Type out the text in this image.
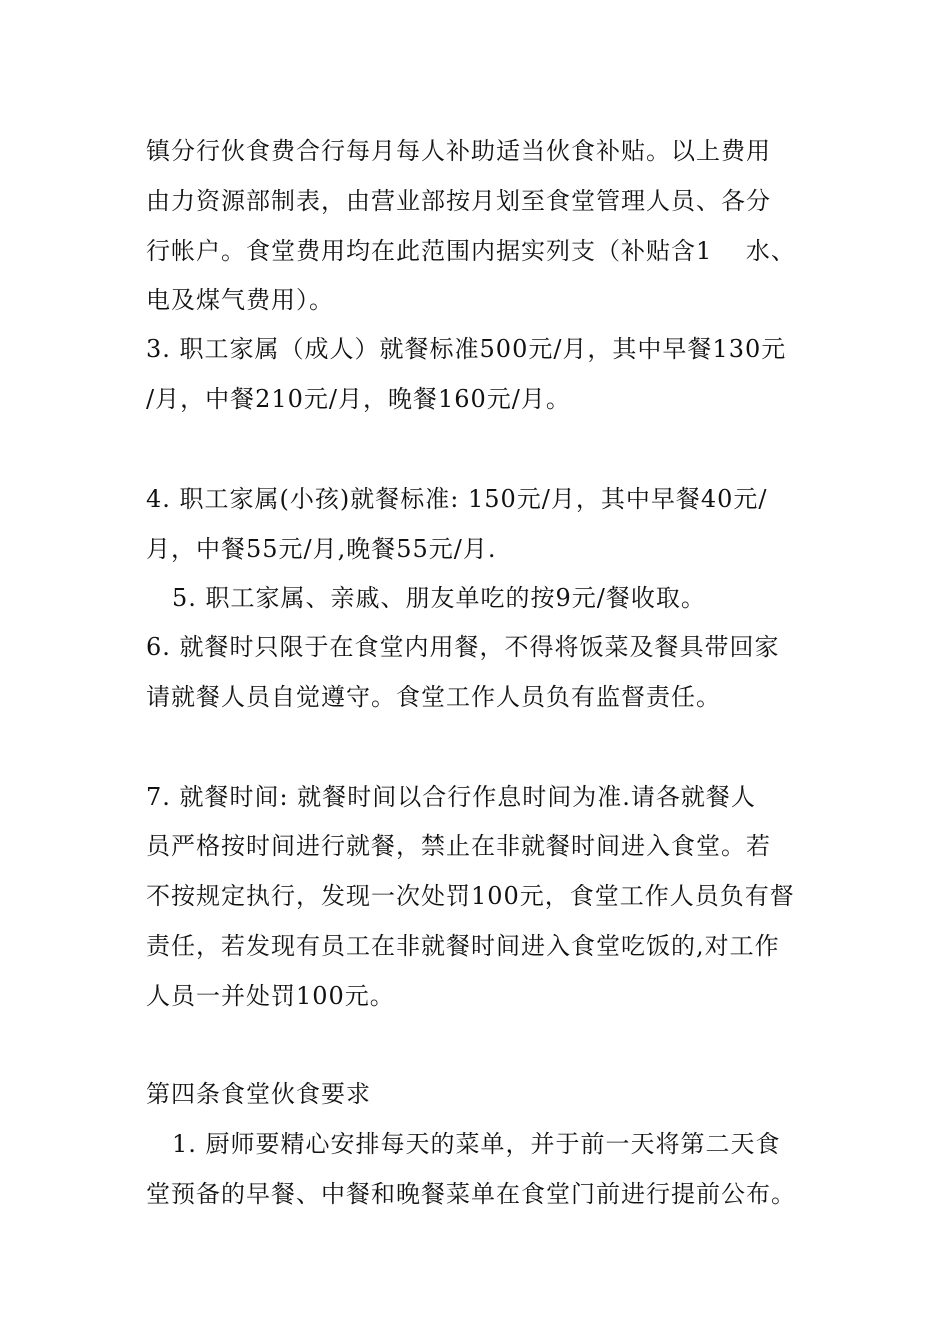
镇分行伙食费合行每月每人补助适当伙食补贴。以上费用
由力资源部制表，由营业部按月划至食堂管理人员、各分
行帐户。食堂费用均在此范围内据实列支（补贴含1　 水、
电及煤气费用）。
3. 职工家属（成人）就餐标准500元/月，其中早餐130元
/月，中餐210元/月，晚餐160元/月。
4. 职工家属(小孩)就餐标准: 150元/月，其中早餐40元/
月，中餐55元/月,晚餐55元/月.
5. 职工家属、亲戚、朋友单吃的按9元/餐收取。
6. 就餐时只限于在食堂内用餐，不得将饭菜及餐具带回家
请就餐人员自觉遵守。食堂工作人员负有监督责任。
7. 就餐时间: 就餐时间以合行作息时间为准.请各就餐人
员严格按时间进行就餐，禁止在非就餐时间进入食堂。若
不按规定执行，发现一次处罚100元，食堂工作人员负有督
责任，若发现有员工在非就餐时间进入食堂吃饭的,对工作
人员一并处罚100元。
第四条食堂伙食要求
1. 厨师要精心安排每天的菜单，并于前一天将第二天食
堂预备的早餐、中餐和晚餐菜单在食堂门前进行提前公布。
